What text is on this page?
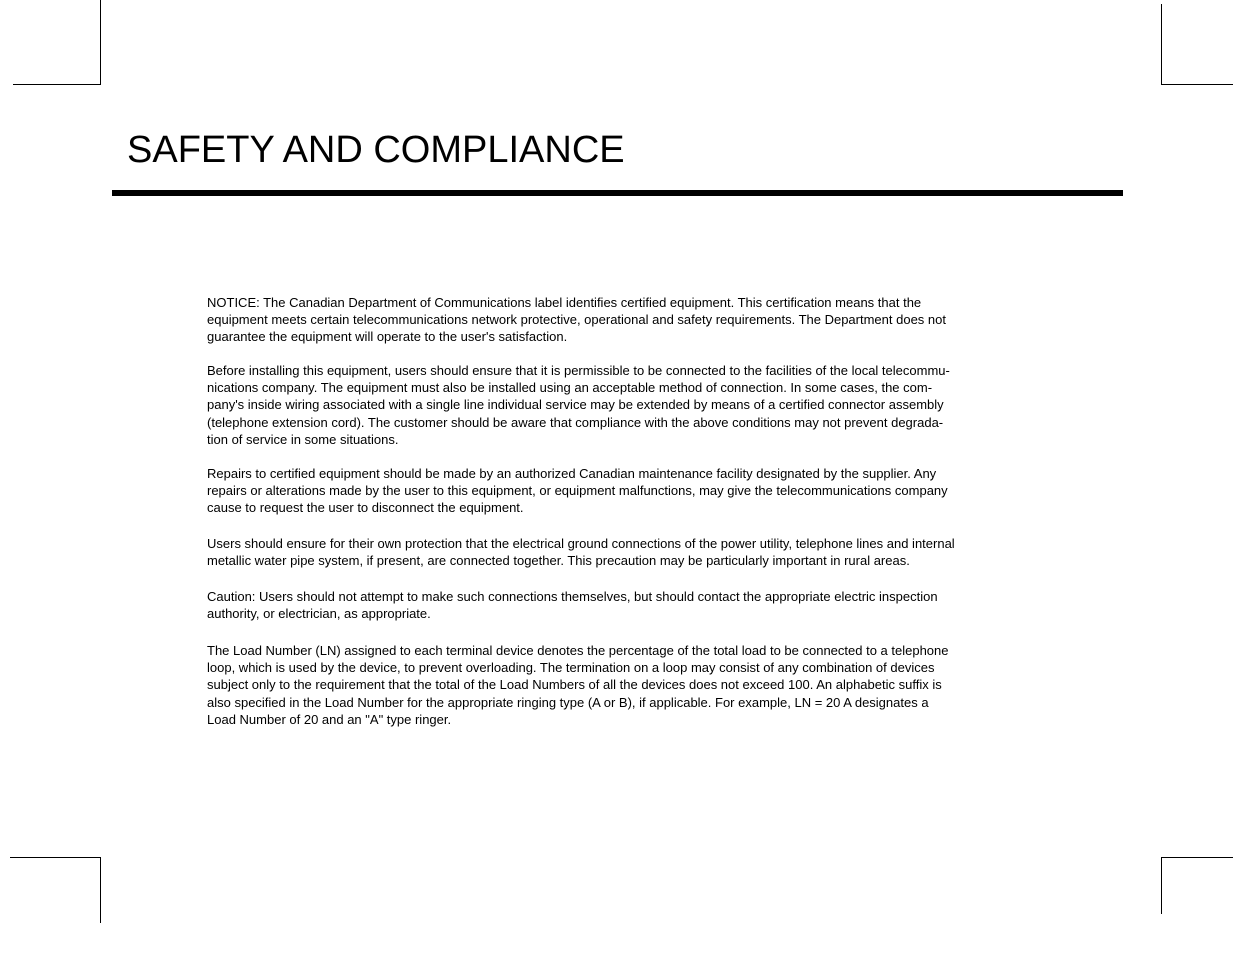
SAFETY AND COMPLIANCE

NOTICE: The Canadian Department of Communications label identifies certified equipment. This certification means that the
equipment meets certain telecommunications network protective, operational and safety requirements. The Department does not
guarantee the equipment will operate to the user's satisfaction.

Before installing this equipment, users should ensure that it is permissible to be connected to the facilities of the local telecommu-
nications company. The equipment must also be installed using an acceptable method of connection. In some cases, the com-
pany's inside wiring associated with a single line individual service may be extended by means of a certified connector assembly
(telephone extension cord). The customer should be aware that compliance with the above conditions may not prevent degrada-
tion of service in some situations.

Repairs to certified equipment should be made by an authorized Canadian maintenance facility designated by the supplier. Any
repairs or alterations made by the user to this equipment, or equipment malfunctions, may give the telecommunications company
cause to request the user to disconnect the equipment.

Users should ensure for their own protection that the electrical ground connections of the power utility, telephone lines and internal
metallic water pipe system, if present, are connected together. This precaution may be particularly important in rural areas.

Caution: Users should not attempt to make such connections themselves, but should contact the appropriate electric inspection
authority, or electrician, as appropriate.

The Load Number (LN) assigned to each terminal device denotes the percentage of the total load to be connected to a telephone
loop, which is used by the device, to prevent overloading. The termination on a loop may consist of any combination of devices
subject only to the requirement that the total of the Load Numbers of all the devices does not exceed 100. An alphabetic suffix is
also specified in the Load Number for the appropriate ringing type (A or B), if applicable. For example, LN = 20 A designates a
Load Number of 20 and an "A" type ringer.
